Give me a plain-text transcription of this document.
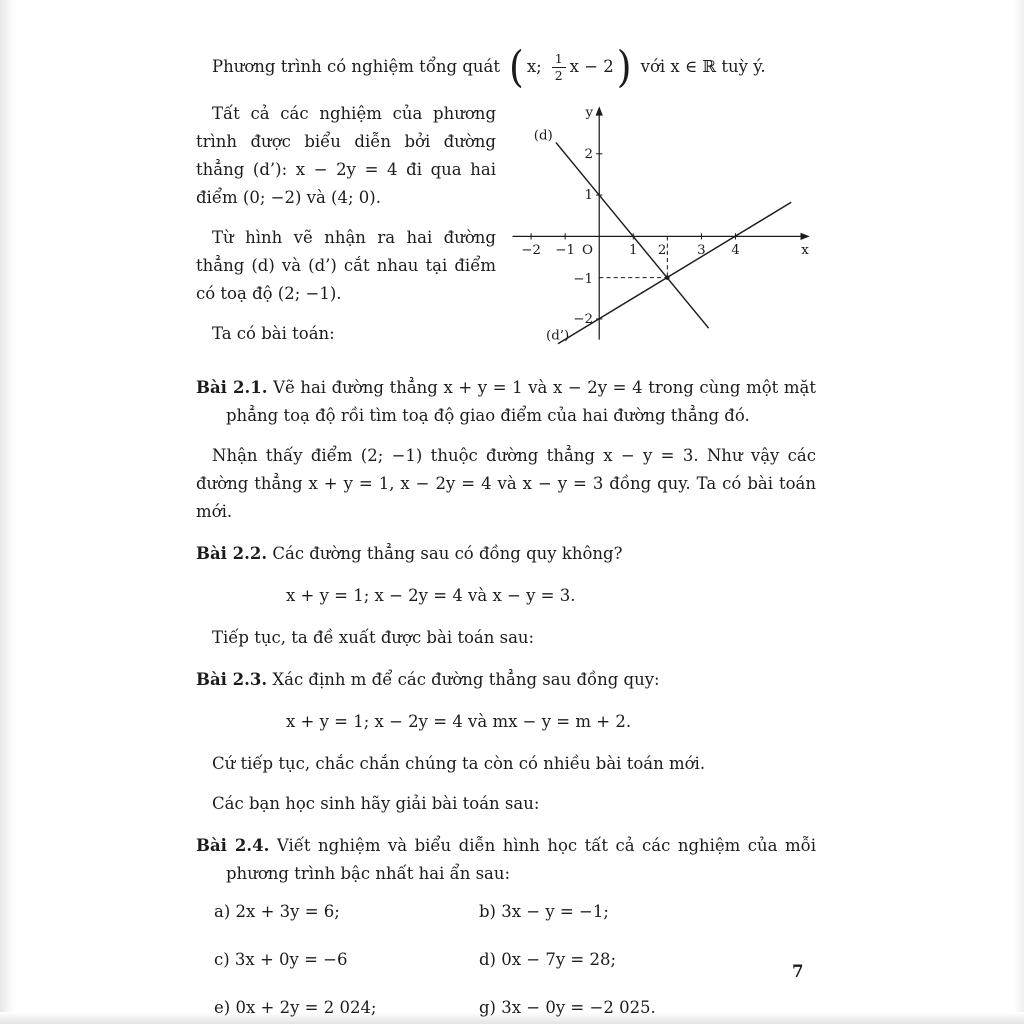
Phương trình có nghiệm tổng quát ( x; $\frac{1}{2}$ x − 2 ) với x ∈ ℝ tuỳ ý.

Tất cả các nghiệm của phương trình được biểu diễn bởi đường thẳng (d’): x − 2y = 4 đi qua hai điểm (0; −2) và (4; 0).

Từ hình vẽ nhận ra hai đường thẳng (d) và (d’) cắt nhau tại điểm có toạ độ (2; −1).

Ta có bài toán:

y
x
O
(d)
(d’)
−2 −1	1 2 3 4
2
1
−1
−2

Bài 2.1. Vẽ hai đường thẳng x + y = 1 và x − 2y = 4 trong cùng một mặt phẳng toạ độ rồi tìm toạ độ giao điểm của hai đường thẳng đó.

Nhận thấy điểm (2; −1) thuộc đường thẳng x − y = 3. Như vậy các đường thẳng x + y = 1, x − 2y = 4 và x − y = 3 đồng quy. Ta có bài toán mới.

Bài 2.2. Các đường thẳng sau có đồng quy không?

x + y = 1; x − 2y = 4 và x − y = 3.

Tiếp tục, ta đề xuất được bài toán sau:

Bài 2.3. Xác định m để các đường thẳng sau đồng quy:

x + y = 1; x − 2y = 4 và mx − y = m + 2.

Cứ tiếp tục, chắc chắn chúng ta còn có nhiều bài toán mới.

Các bạn học sinh hãy giải bài toán sau:

Bài 2.4. Viết nghiệm và biểu diễn hình học tất cả các nghiệm của mỗi phương trình bậc nhất hai ẩn sau:

a) 2x + 3y = 6;	b) 3x − y = −1;
c) 3x + 0y = −6	d) 0x − 7y = 28;
e) 0x + 2y = 2 024;	g) 3x − 0y = −2 025.
7
